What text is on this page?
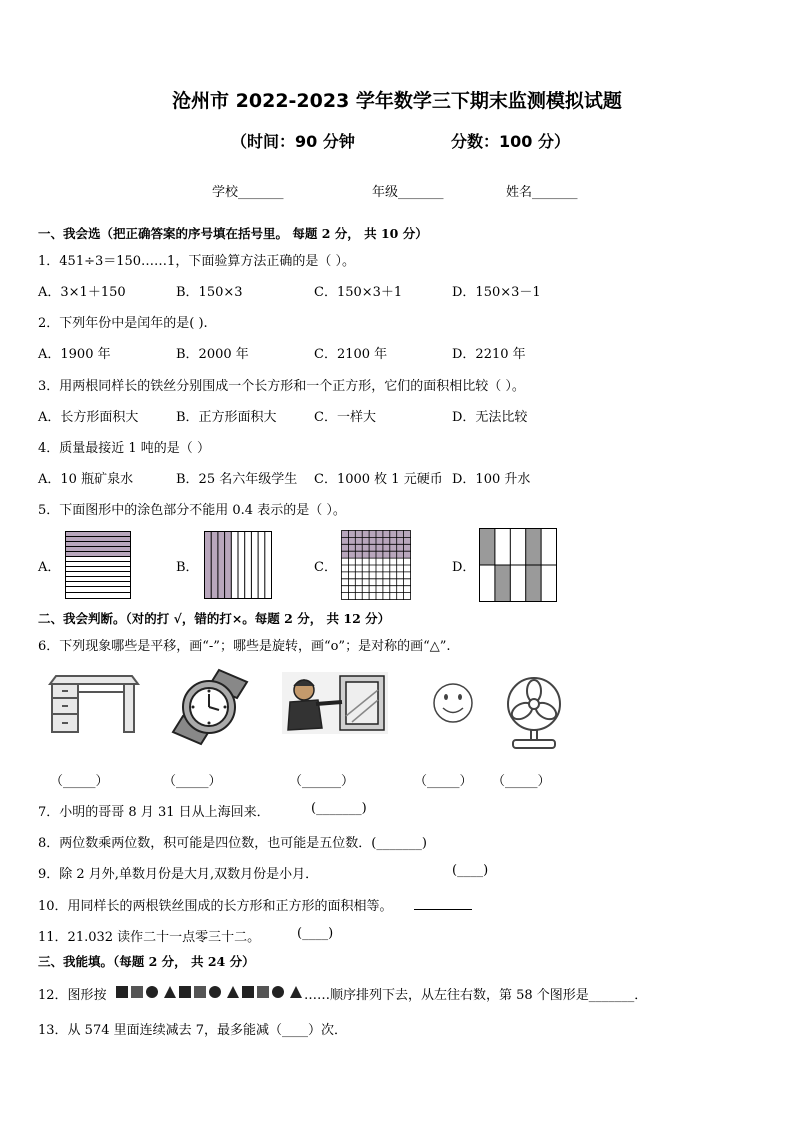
沧州市 2022-2023 学年数学三下期末监测模拟试题
（时间：90 分钟	分数：100 分）
学校_______	年级_______	姓名_______
一、我会选（把正确答案的序号填在括号里。 每题 2 分， 共 10 分）
1．451÷3＝150……1，下面验算方法正确的是（ ）。
A．3×1＋150	B．150×3	C．150×3＋1	D．150×3－1
2．下列年份中是闰年的是( ).
A．1900 年	B．2000 年	C．2100 年	D．2210 年
3．用两根同样长的铁丝分别围成一个长方形和一个正方形，它们的面积相比较（ ）。
A．长方形面积大	B．正方形面积大	C．一样大	D．无法比较
4．质量最接近 1 吨的是（ ）
A．10 瓶矿泉水	B．25 名六年级学生 C．1000 枚 1 元硬币 D．100 升水
5．下面图形中的涂色部分不能用 0.4 表示的是（ ）。
A．	B．	C．	D．
二、我会判断。（对的打 √，错的打×。每题 2 分， 共 12 分）
6．下列现象哪些是平移，画“-”；哪些是旋转，画“o”；是对称的画“△”.
（_____）	（_____）	（______）	（_____） （_____）
7．小明的哥哥 8 月 31 日从上海回来．	(_______)
8．两位数乘两位数，积可能是四位数，也可能是五位数．(_______)
9．除 2 月外,单数月份是大月,双数月份是小月．	(____)
10．用同样长的两根铁丝围成的长方形和正方形的面积相等。
11．21.032 读作二十一点零三十二。	(____)
三、我能填。（每题 2 分， 共 24 分）
12．图形按	……顺序排列下去，从左往右数，第 58 个图形是_______．
13．从 574 里面连续减去 7，最多能减（____）次．
